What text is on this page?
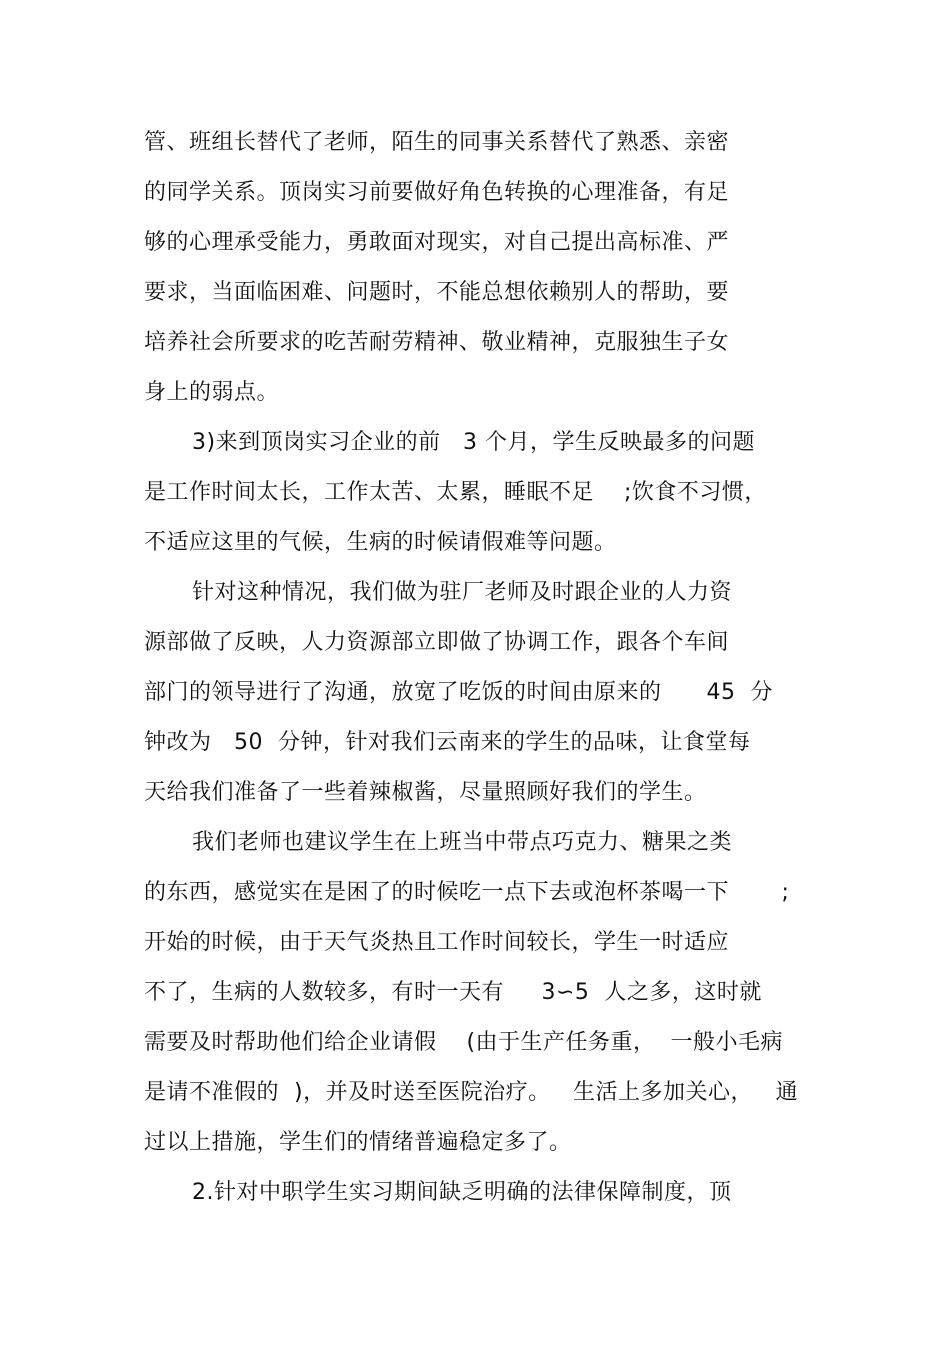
管、班组长替代了老师，陌生的同事关系替代了熟悉、亲密
的同学关系。顶岗实习前要做好角色转换的心理准备，有足
够的心理承受能力，勇敢面对现实，对自己提出高标准、严
要求，当面临困难、问题时，不能总想依赖别人的帮助，要
培养社会所要求的吃苦耐劳精神、敬业精神，克服独生子女
身上的弱点。
3)来到顶岗实习企业的前   3 个月，学生反映最多的问题
是工作时间太长，工作太苦、太累，睡眠不足    ;饮食不习惯，
不适应这里的气候，生病的时候请假难等问题。
针对这种情况，我们做为驻厂老师及时跟企业的人力资
源部做了反映，人力资源部立即做了协调工作，跟各个车间
部门的领导进行了沟通，放宽了吃饭的时间由原来的      45  分
钟改为   50  分钟，针对我们云南来的学生的品味，让食堂每
天给我们准备了一些着辣椒酱，尽量照顾好我们的学生。
我们老师也建议学生在上班当中带点巧克力、糖果之类
的东西，感觉实在是困了的时候吃一点下去或泡杯茶喝一下       ;
开始的时候，由于天气炎热且工作时间较长，学生一时适应
不了，生病的人数较多，有时一天有     3∽5  人之多，这时就
需要及时帮助他们给企业请假    (由于生产任务重，  一般小毛病
是请不准假的  )，并及时送至医院治疗。   生活上多加关心，   通
过以上措施，学生们的情绪普遍稳定多了。
2.针对中职学生实习期间缺乏明确的法律保障制度，顶
